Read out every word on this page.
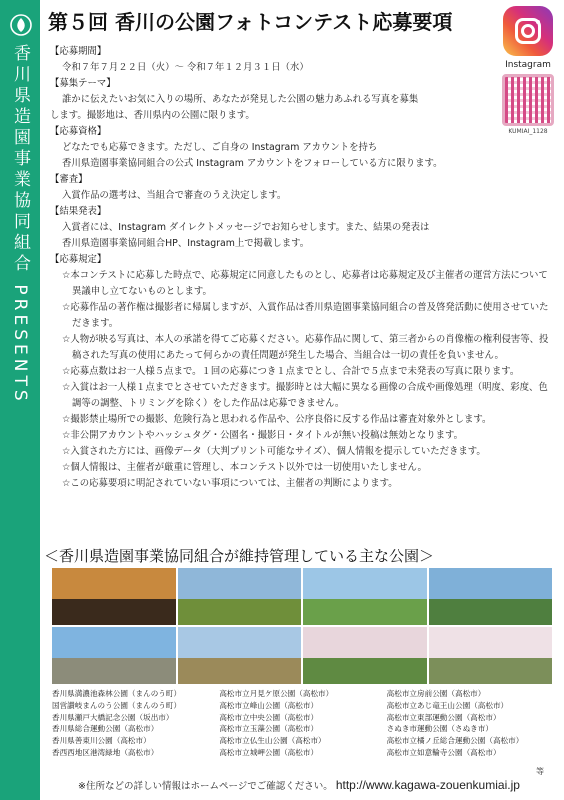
香川県造園事業協同組合 PRESENTS
第５回 香川の公園フォトコンテスト応募要項
Instagram
KUMIAI_1128
【応募期間】
令和７年７月２２日（火）～ 令和７年１２月３１日（水）
【募集テーマ】
誰かに伝えたいお気に入りの場所、あなたが発見した公園の魅力あふれる写真を募集
します。撮影地は、香川県内の公園に限ります。
【応募資格】
どなたでも応募できます。ただし、ご自身の Instagram アカウントを持ち
香川県造園事業協同組合の公式 Instagram アカウントをフォローしている方に限ります。
【審査】
入賞作品の選考は、当組合で審査のうえ決定します。
【結果発表】
入賞者には、Instagram ダイレクトメッセージでお知らせします。また、結果の発表は
香川県造園事業協同組合HP、Instagram上で掲載します。
【応募規定】
☆本コンテストに応募した時点で、応募規定に同意したものとし、応募者は応募規定及び主催者の運営方法について異議申し立てないものとします。
☆応募作品の著作権は撮影者に帰属しますが、入賞作品は香川県造園事業協同組合の普及啓発活動に使用させていただきます。
☆人物が映る写真は、本人の承諾を得てご応募ください。応募作品に関して、第三者からの肖像権の権利侵害等、投稿された写真の使用にあたって何らかの責任問題が発生した場合、当組合は一切の責任を負いません。
☆応募点数はお一人様５点まで。１回の応募につき１点までとし、合計で５点まで未発表の写真に限ります。
☆入賞はお一人様１点までとさせていただきます。撮影時とは大幅に異なる画像の合成や画像処理（明度、彩度、色調等の調整、トリミングを除く）をした作品は応募できません。
☆撮影禁止場所での撮影、危険行為と思われる作品や、公序良俗に反する作品は審査対象外とします。
☆非公開アカウントやハッシュタグ・公園名・撮影日・タイトルが無い投稿は無効となります。
☆入賞された方には、画像データ（大判プリント可能なサイズ）、個人情報を提示していただきます。
☆個人情報は、主催者が厳重に管理し、本コンテスト以外では一切使用いたしません。
☆この応募要項に明記されていない事項については、主催者の判断によります。
＜香川県造園事業協同組合が維持管理している主な公園＞
香川県満濃池森林公園（まんのう町）	高松市立月見ケ原公園（高松市）	高松市立房前公園（高松市）
国営讃岐まんのう公園（まんのう町）	高松市立峰山公園（高松市）	高松市立あじ竜王山公園（高松市）
香川県瀬戸大橋記念公園（坂出市）	高松市立中央公園（高松市）	高松市立東部運動公園（高松市）
香川県総合運動公園（高松市）	高松市立玉藻公園（高松市）	さぬき市運動公園（さぬき市）
香川県善東川公園（高松市）	高松市立仏生山公園（高松市）	高松市立橘ノ丘総合運動公園（高松市）
香西西地区港湾緑地（高松市）	高松市立城岬公園（高松市）	高松市立如意輪寺公園（高松市）
等
※住所などの詳しい情報はホームページでご確認ください。 http://www.kagawa-zouenkumiai.jp
